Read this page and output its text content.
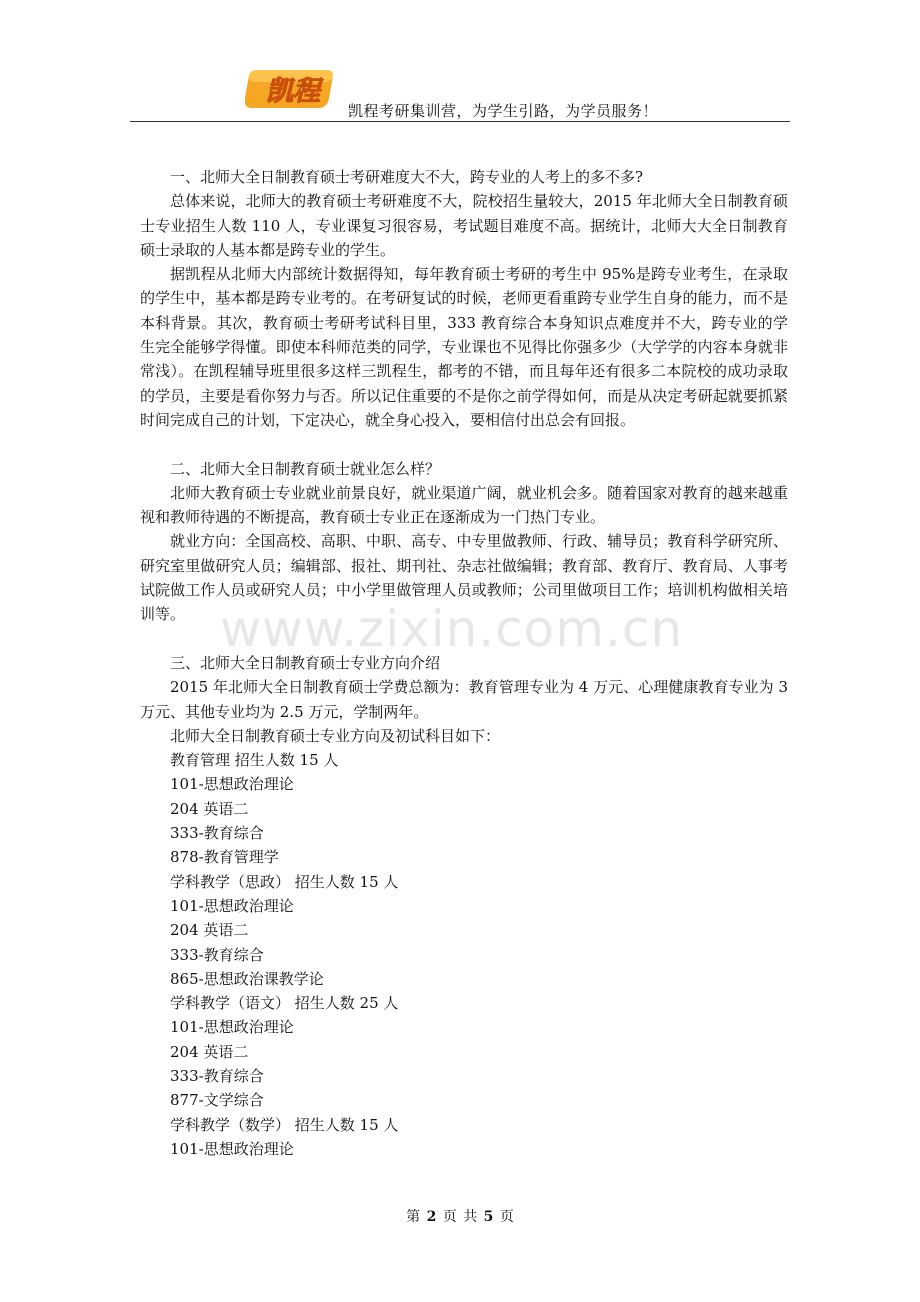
凯程
凯程考研集训营，为学生引路，为学员服务！

一、北师大全日制教育硕士考研难度大不大，跨专业的人考上的多不多?

总体来说，北师大的教育硕士考研难度不大，院校招生量较大，2015 年北师大全日制教育硕士专业招生人数 110 人，专业课复习很容易，考试题目难度不高。据统计，北师大大全日制教育硕士录取的人基本都是跨专业的学生。

据凯程从北师大内部统计数据得知，每年教育硕士考研的考生中 95%是跨专业考生，在录取的学生中，基本都是跨专业考的。在考研复试的时候，老师更看重跨专业学生自身的能力，而不是本科背景。其次，教育硕士考研考试科目里，333 教育综合本身知识点难度并不大，跨专业的学生完全能够学得懂。即使本科师范类的同学，专业课也不见得比你强多少（大学学的内容本身就非常浅）。在凯程辅导班里很多这样三凯程生，都考的不错，而且每年还有很多二本院校的成功录取的学员，主要是看你努力与否。所以记住重要的不是你之前学得如何，而是从决定考研起就要抓紧时间完成自己的计划，下定决心，就全身心投入，要相信付出总会有回报。

二、北师大全日制教育硕士就业怎么样？

北师大教育硕士专业就业前景良好，就业渠道广阔，就业机会多。随着国家对教育的越来越重视和教师待遇的不断提高，教育硕士专业正在逐渐成为一门热门专业。

就业方向：全国高校、高职、中职、高专、中专里做教师、行政、辅导员；教育科学研究所、研究室里做研究人员；编辑部、报社、期刊社、杂志社做编辑；教育部、教育厅、教育局、人事考试院做工作人员或研究人员；中小学里做管理人员或教师；公司里做项目工作；培训机构做相关培训等。

三、北师大全日制教育硕士专业方向介绍

2015 年北师大全日制教育硕士学费总额为：教育管理专业为 4 万元、心理健康教育专业为 3 万元、其他专业均为 2.5 万元，学制两年。

北师大全日制教育硕士专业方向及初试科目如下：

教育管理 招生人数 15 人

101-思想政治理论

204 英语二

333-教育综合

878-教育管理学

学科教学（思政） 招生人数 15 人

101-思想政治理论

204 英语二

333-教育综合

865-思想政治课教学论

学科教学（语文） 招生人数 25 人

101-思想政治理论

204 英语二

333-教育综合

877-文学综合

学科教学（数学） 招生人数 15 人

101-思想政治理论

www.zixin.com.cn
第 2 页 共 5 页
